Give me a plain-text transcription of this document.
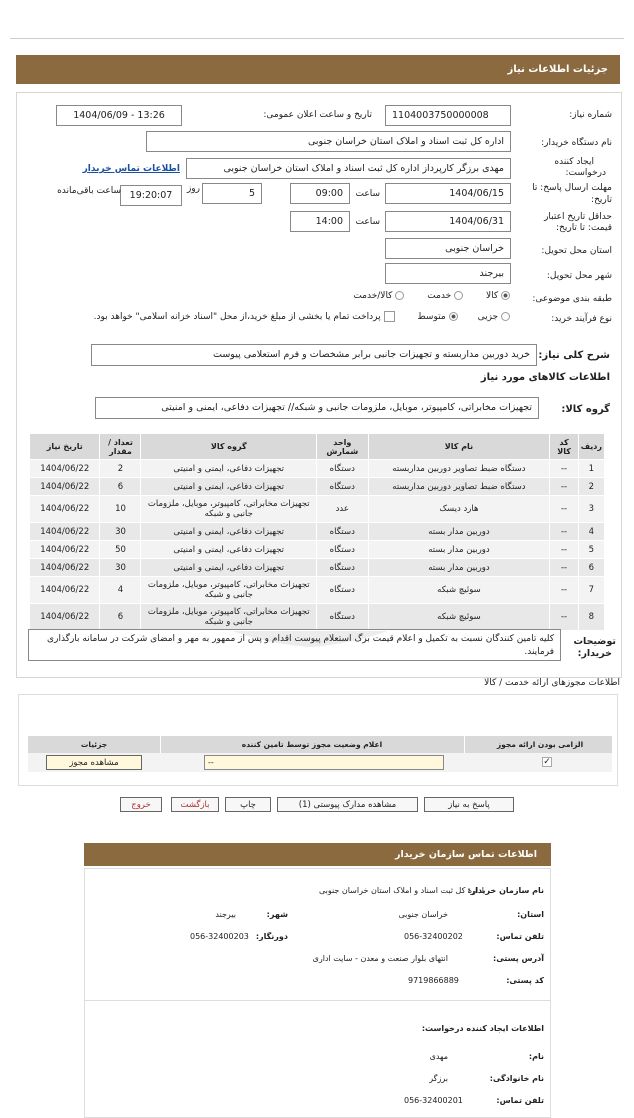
جزئیات اطلاعات نیاز
شماره نیاز:
1104003750000008
تاریخ و ساعت اعلان عمومی:
1404/06/09 - 13:26
نام دستگاه خریدار:
اداره کل ثبت اسناد و املاک استان خراسان جنوبی
ایجاد کننده
درخواست:
مهدی برزگر کارپرداز اداره کل ثبت اسناد و املاک استان خراسان جنوبی
اطلاعات تماس خریدار
مهلت ارسال پاسخ: تا
تاریخ:
1404/06/15
ساعت
09:00
5
روز
19:20:07
ساعت باقی‌مانده
حداقل تاریخ اعتبار
قیمت: تا تاریخ:
1404/06/31
ساعت
14:00
استان محل تحویل:
خراسان جنوبی
شهر محل تحویل:
بیرجند
طبقه بندی موضوعی:
کالا         خدمت         کالا/خدمت
نوع فرآیند خرید:
جزیی        متوسط         پرداخت تمام یا بخشی از مبلغ خرید،از محل "اسناد خزانه اسلامی" خواهد بود.
شرح کلی نیاز:
خرید دوربین مداربسته و تجهیزات جانبی برابر مشخصات و فرم استعلامی پیوست
اطلاعات کالاهای مورد نیاز
گروه کالا:
تجهیزات مخابراتی، کامپیوتر، موبایل، ملزومات جانبی و شبکه// تجهیزات دفاعی، ایمنی و امنیتی
ردیف	کد کالا	نام کالا	واحد شمارش	گروه کالا	تعداد / مقدار	تاریخ نیاز
1	--	دستگاه ضبط تصاویر دوربین مداربسته	دستگاه	تجهیزات دفاعی، ایمنی و امنیتی	2	1404/06/22
2	--	دستگاه ضبط تصاویر دوربین مداربسته	دستگاه	تجهیزات دفاعی، ایمنی و امنیتی	6	1404/06/22
3	--	هارد دیسک	عدد	تجهیزات مخابراتی، کامپیوتر، موبایل، ملزومات جانبی و شبکه	10	1404/06/22
4	--	دوربین مدار بسته	دستگاه	تجهیزات دفاعی، ایمنی و امنیتی	30	1404/06/22
5	--	دوربین مدار بسته	دستگاه	تجهیزات دفاعی، ایمنی و امنیتی	50	1404/06/22
6	--	دوربین مدار بسته	دستگاه	تجهیزات دفاعی، ایمنی و امنیتی	30	1404/06/22
7	--	سوئیچ شبکه	دستگاه	تجهیزات مخابراتی، کامپیوتر، موبایل، ملزومات جانبی و شبکه	4	1404/06/22
8	--	سوئیچ شبکه	دستگاه	تجهیزات مخابراتی، کامپیوتر، موبایل، ملزومات جانبی و شبکه	6	1404/06/22
توضیحات
خریدار:
کلیه تامین کنندگان نسبت به تکمیل و اعلام قیمت برگ استعلام پیوست اقدام و پس از ممهور به مهر و امضای شرکت در سامانه بارگذاری فرمایند.
اطلاعات مجوزهای ارائه خدمت / کالا
الزامی بودن ارائه مجوز
اعلام وضعیت مجوز توسط تامین کننده
جزئیات
✓
--
مشاهده مجوز
پاسخ به نیاز
مشاهده مدارک پیوستی (1)
چاپ
بازگشت
خروج
اطلاعات تماس سازمان خریدار
نام سازمان خریدار:
اداره کل ثبت اسناد و املاک استان خراسان جنوبی
استان:
خراسان جنوبی
شهر:
بیرجند
تلفن تماس:
056-32400202
دورنگار:
056-32400203
آدرس پستی:
انتهای بلوار صنعت و معدن - سایت اداری
کد پستی:
9719866889
اطلاعات ایجاد کننده درخواست:
نام:
مهدی
نام خانوادگی:
برزگر
تلفن تماس:
056-32400201
